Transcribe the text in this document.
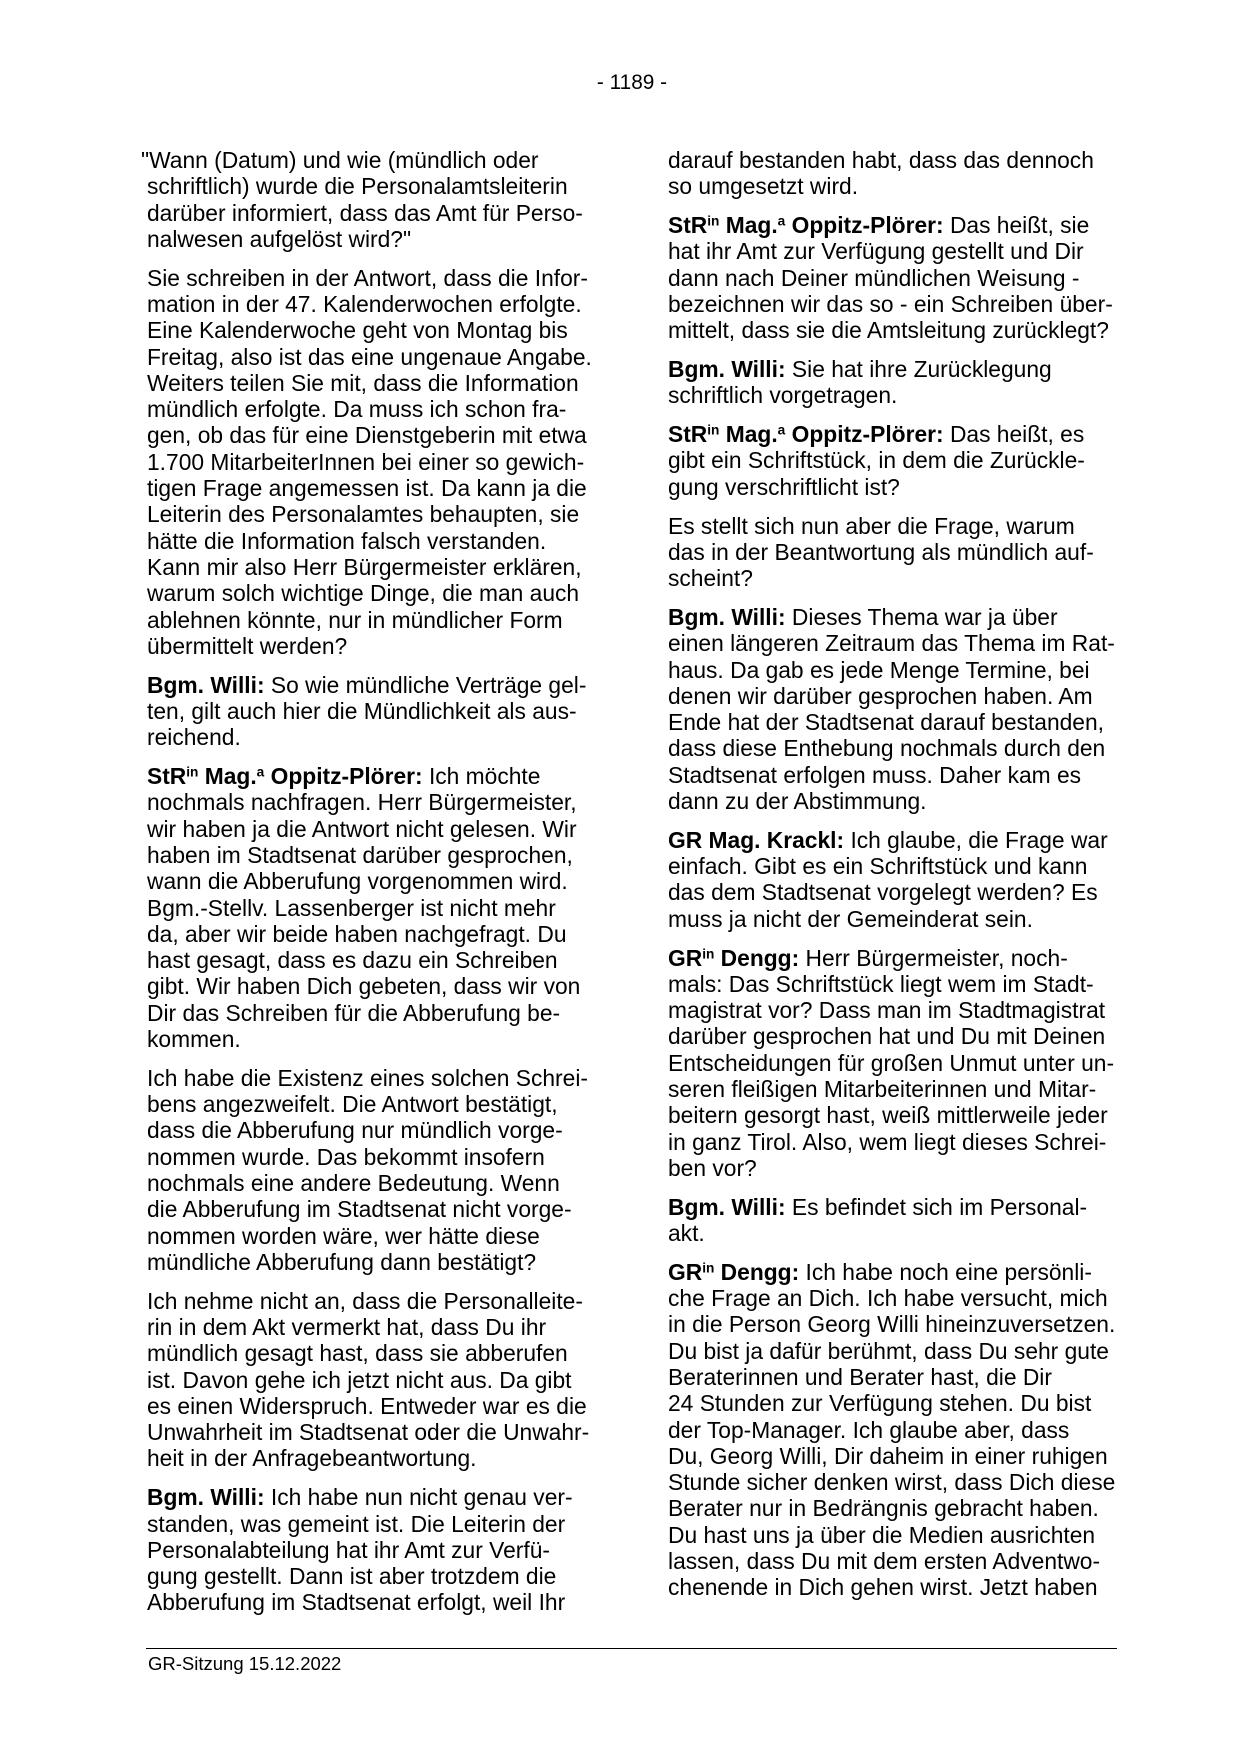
- 1189 -

"Wann (Datum) und wie (mündlich oder
schriftlich) wurde die Personalamtsleiterin
darüber informiert, dass das Amt für Perso-
nalwesen aufgelöst wird?"

Sie schreiben in der Antwort, dass die Infor-
mation in der 47. Kalenderwochen erfolgte.
Eine Kalenderwoche geht von Montag bis
Freitag, also ist das eine ungenaue Angabe.
Weiters teilen Sie mit, dass die Information
mündlich erfolgte. Da muss ich schon fra-
gen, ob das für eine Dienstgeberin mit etwa
1.700 MitarbeiterInnen bei einer so gewich-
tigen Frage angemessen ist. Da kann ja die
Leiterin des Personalamtes behaupten, sie
hätte die Information falsch verstanden.
Kann mir also Herr Bürgermeister erklären,
warum solch wichtige Dinge, die man auch
ablehnen könnte, nur in mündlicher Form
übermittelt werden?

Bgm. Willi: So wie mündliche Verträge gel-
ten, gilt auch hier die Mündlichkeit als aus-
reichend.

StR$^{in}$ Mag.$^a$ Oppitz-Plörer: Ich möchte
nochmals nachfragen. Herr Bürgermeister,
wir haben ja die Antwort nicht gelesen. Wir
haben im Stadtsenat darüber gesprochen,
wann die Abberufung vorgenommen wird.
Bgm.-Stellv. Lassenberger ist nicht mehr
da, aber wir beide haben nachgefragt. Du
hast gesagt, dass es dazu ein Schreiben
gibt. Wir haben Dich gebeten, dass wir von
Dir das Schreiben für die Abberufung be-
kommen.

Ich habe die Existenz eines solchen Schrei-
bens angezweifelt. Die Antwort bestätigt,
dass die Abberufung nur mündlich vorge-
nommen wurde. Das bekommt insofern
nochmals eine andere Bedeutung. Wenn
die Abberufung im Stadtsenat nicht vorge-
nommen worden wäre, wer hätte diese
mündliche Abberufung dann bestätigt?

Ich nehme nicht an, dass die Personalleite-
rin in dem Akt vermerkt hat, dass Du ihr
mündlich gesagt hast, dass sie abberufen
ist. Davon gehe ich jetzt nicht aus. Da gibt
es einen Widerspruch. Entweder war es die
Unwahrheit im Stadtsenat oder die Unwahr-
heit in der Anfragebeantwortung.

Bgm. Willi: Ich habe nun nicht genau ver-
standen, was gemeint ist. Die Leiterin der
Personalabteilung hat ihr Amt zur Verfü-
gung gestellt. Dann ist aber trotzdem die
Abberufung im Stadtsenat erfolgt, weil Ihr

darauf bestanden habt, dass das dennoch
so umgesetzt wird.

StR$^{in}$ Mag.$^a$ Oppitz-Plörer: Das heißt, sie
hat ihr Amt zur Verfügung gestellt und Dir
dann nach Deiner mündlichen Weisung -
bezeichnen wir das so - ein Schreiben über-
mittelt, dass sie die Amtsleitung zurücklegt?

Bgm. Willi: Sie hat ihre Zurücklegung
schriftlich vorgetragen.

StR$^{in}$ Mag.$^a$ Oppitz-Plörer: Das heißt, es
gibt ein Schriftstück, in dem die Zurückle-
gung verschriftlicht ist?

Es stellt sich nun aber die Frage, warum
das in der Beantwortung als mündlich auf-
scheint?

Bgm. Willi: Dieses Thema war ja über
einen längeren Zeitraum das Thema im Rat-
haus. Da gab es jede Menge Termine, bei
denen wir darüber gesprochen haben. Am
Ende hat der Stadtsenat darauf bestanden,
dass diese Enthebung nochmals durch den
Stadtsenat erfolgen muss. Daher kam es
dann zu der Abstimmung.

GR Mag. Krackl: Ich glaube, die Frage war
einfach. Gibt es ein Schriftstück und kann
das dem Stadtsenat vorgelegt werden? Es
muss ja nicht der Gemeinderat sein.

$GR^{in}$ Dengg: Herr Bürgermeister, noch-
mals: Das Schriftstück liegt wem im Stadt-
magistrat vor? Dass man im Stadtmagistrat
darüber gesprochen hat und Du mit Deinen
Entscheidungen für großen Unmut unter un-
seren fleißigen Mitarbeiterinnen und Mitar-
beitern gesorgt hast, weiß mittlerweile jeder
in ganz Tirol. Also, wem liegt dieses Schrei-
ben vor?

Bgm. Willi: Es befindet sich im Personal-
akt.

$GR^{in}$ Dengg: Ich habe noch eine persönli-
che Frage an Dich. Ich habe versucht, mich
in die Person Georg Willi hineinzuversetzen.
Du bist ja dafür berühmt, dass Du sehr gute
Beraterinnen und Berater hast, die Dir
24 Stunden zur Verfügung stehen. Du bist
der Top-Manager. Ich glaube aber, dass
Du, Georg Willi, Dir daheim in einer ruhigen
Stunde sicher denken wirst, dass Dich diese
Berater nur in Bedrängnis gebracht haben.
Du hast uns ja über die Medien ausrichten
lassen, dass Du mit dem ersten Adventwo-
chenende in Dich gehen wirst. Jetzt haben

GR-Sitzung 15.12.2022
